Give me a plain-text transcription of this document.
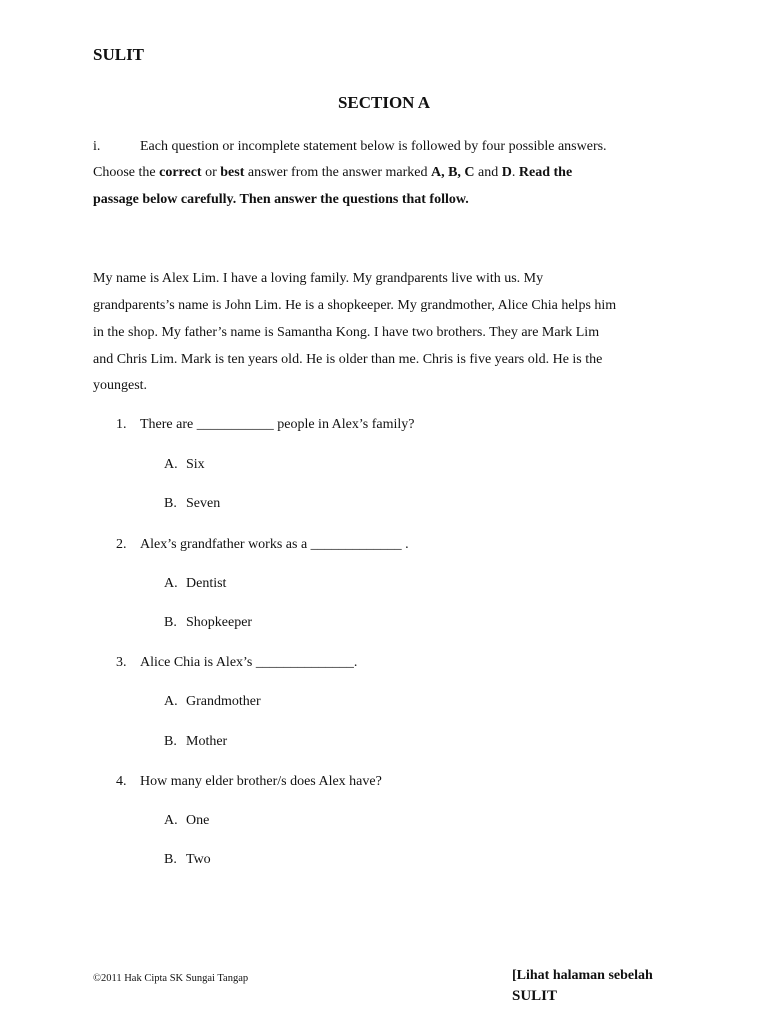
SULIT
SECTION A
i.	Each question or incomplete statement below is followed by four possible answers.
Choose the correct or best answer from the answer marked A, B, C and D. Read the
passage below carefully. Then answer the questions that follow.
My name is Alex Lim. I have a loving family. My grandparents live with us. My
grandparents’s name is John Lim. He is a shopkeeper. My grandmother, Alice Chia helps him
in the shop. My father’s name is Samantha Kong. I have two brothers. They are Mark Lim
and Chris Lim. Mark is ten years old. He is older than me. Chris is five years old. He is the
youngest.
1. There are ___________ people in Alex’s family?
A. Six
B. Seven
2. Alex’s grandfather works as a _____________ .
A. Dentist
B. Shopkeeper
3. Alice Chia is Alex’s ______________.
A. Grandmother
B. Mother
4. How many elder brother/s does Alex have?
A. One
B. Two
©2011 Hak Cipta SK Sungai Tangap	[Lihat halaman sebelah
SULIT
